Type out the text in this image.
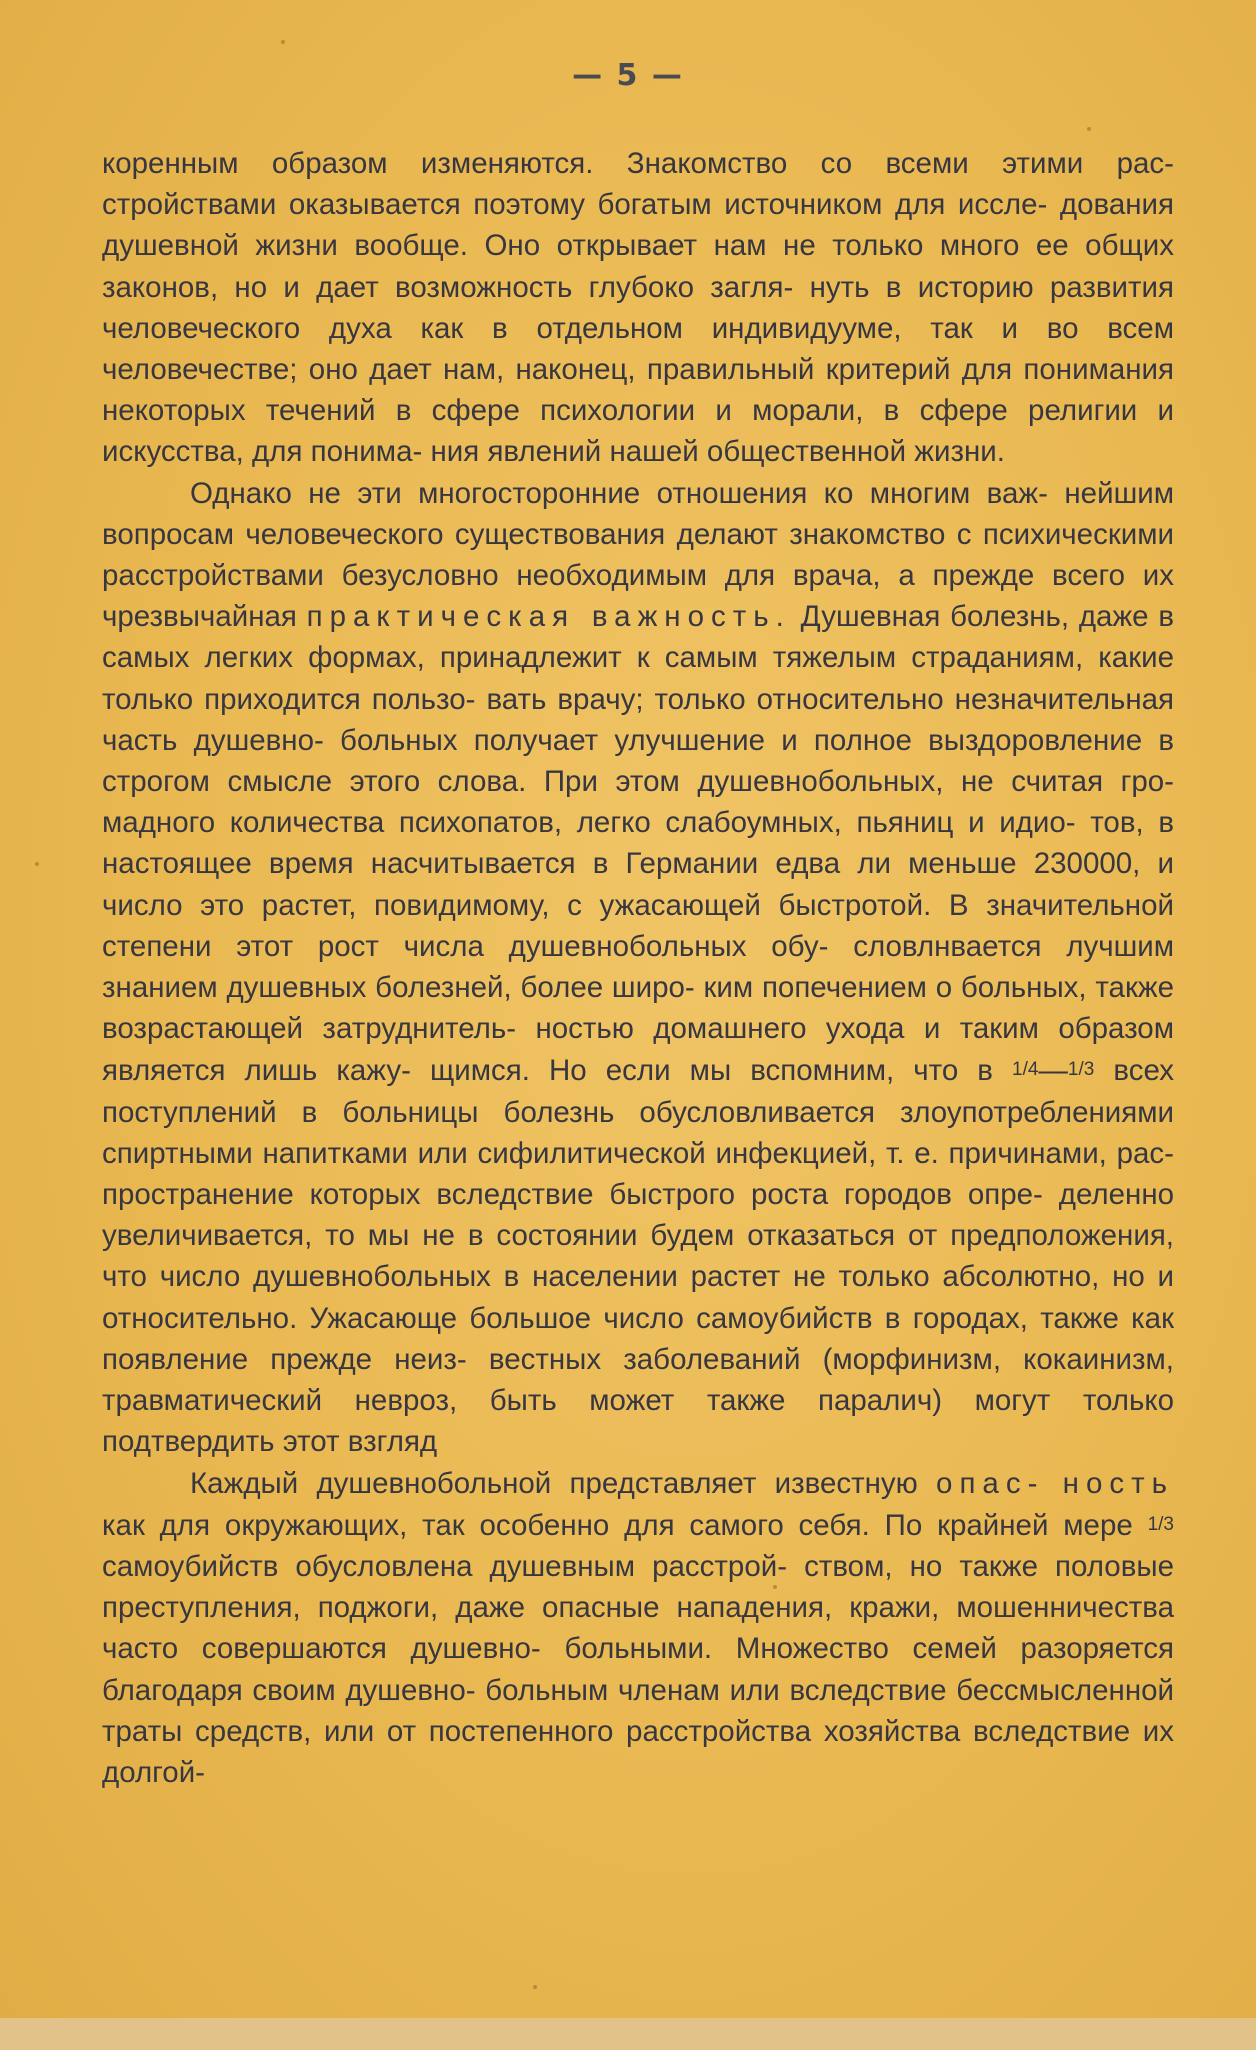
— 5 —

коренным образом изменяются. Знакомство со всеми этими рас- стройствами оказывается поэтому богатым источником для иссле- дования душевной жизни вообще. Оно открывает нам не только много ее общих законов, но и дает возможность глубоко загля- нуть в историю развития человеческого духа как в отдельном индивидууме, так и во всем человечестве; оно дает нам, наконец, правильный критерий для понимания некоторых течений в сфере психологии и морали, в сфере религии и искусства, для понима- ния явлений нашей общественной жизни.

Однако не эти многосторонние отношения ко многим важ- нейшим вопросам человеческого существования делают знакомство с психическими расстройствами безусловно необходимым для врача, а прежде всего их чрезвычайная практическая важность. Душевная болезнь, даже в самых легких формах, принадлежит к самым тяжелым страданиям, какие только приходится пользо- вать врачу; только относительно незначительная часть душевно- больных получает улучшение и полное выздоровление в строгом смысле этого слова. При этом душевнобольных, не считая гро- мадного количества психопатов, легко слабоумных, пьяниц и идио- тов, в настоящее время насчитывается в Германии едва ли меньше 230000, и число это растет, повидимому, с ужасающей быстротой. В значительной степени этот рост числа душевнобольных обу- словлнвается лучшим знанием душевных болезней, более широ- ким попечением о больных, также возрастающей затруднитель- ностью домашнего ухода и таким образом является лишь кажу- щимся. Но если мы вспомним, что в 1/4—1/3 всех поступлений в больницы болезнь обусловливается злоупотреблениями спиртными напитками или сифилитической инфекцией, т. е. причинами, рас- пространение которых вследствие быстрого роста городов опре- деленно увеличивается, то мы не в состоянии будем отказаться от предположения, что число душевнобольных в населении растет не только абсолютно, но и относительно. Ужасающе большое число самоубийств в городах, также как появление прежде неиз- вестных заболеваний (морфинизм, кокаинизм, травматический невроз, быть может также паралич) могут только подтвердить этот взгляд

Каждый душевнобольной представляет известную опас- ность как для окружающих, так особенно для самого себя. По крайней мере 1/3 самоубийств обусловлена душевным расстрой- ством, но также половые преступления, поджоги, даже опасные нападения, кражи, мошенничества часто совершаются душевно- больными. Множество семей разоряется благодаря своим душевно- больным членам или вследствие бессмысленной траты средств, или от постепенного расстройства хозяйства вследствие их долгой-
